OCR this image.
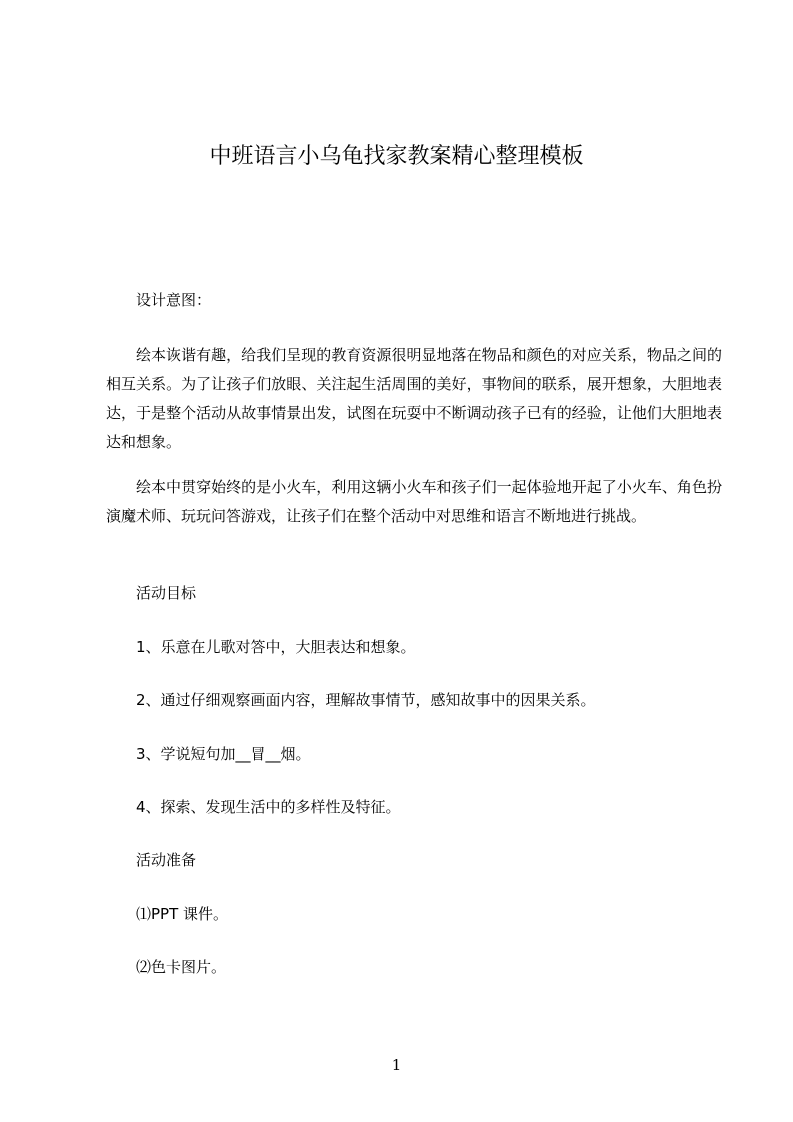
中班语言小乌龟找家教案精心整理模板

设计意图：

绘本诙谐有趣，给我们呈现的教育资源很明显地落在物品和颜色的对应关系，物品之间的相互关系。为了让孩子们放眼、关注起生活周围的美好，事物间的联系，展开想象，大胆地表达，于是整个活动从故事情景出发，试图在玩耍中不断调动孩子已有的经验，让他们大胆地表达和想象。

绘本中贯穿始终的是小火车，利用这辆小火车和孩子们一起体验地开起了小火车、角色扮演魔术师、玩玩问答游戏，让孩子们在整个活动中对思维和语言不断地进行挑战。

活动目标

1、乐意在儿歌对答中，大胆表达和想象。

2、通过仔细观察画面内容，理解故事情节，感知故事中的因果关系。

3、学说短句加__冒__烟。

4、探索、发现生活中的多样性及特征。

活动准备

⑴PPT 课件。

⑵色卡图片。

1
